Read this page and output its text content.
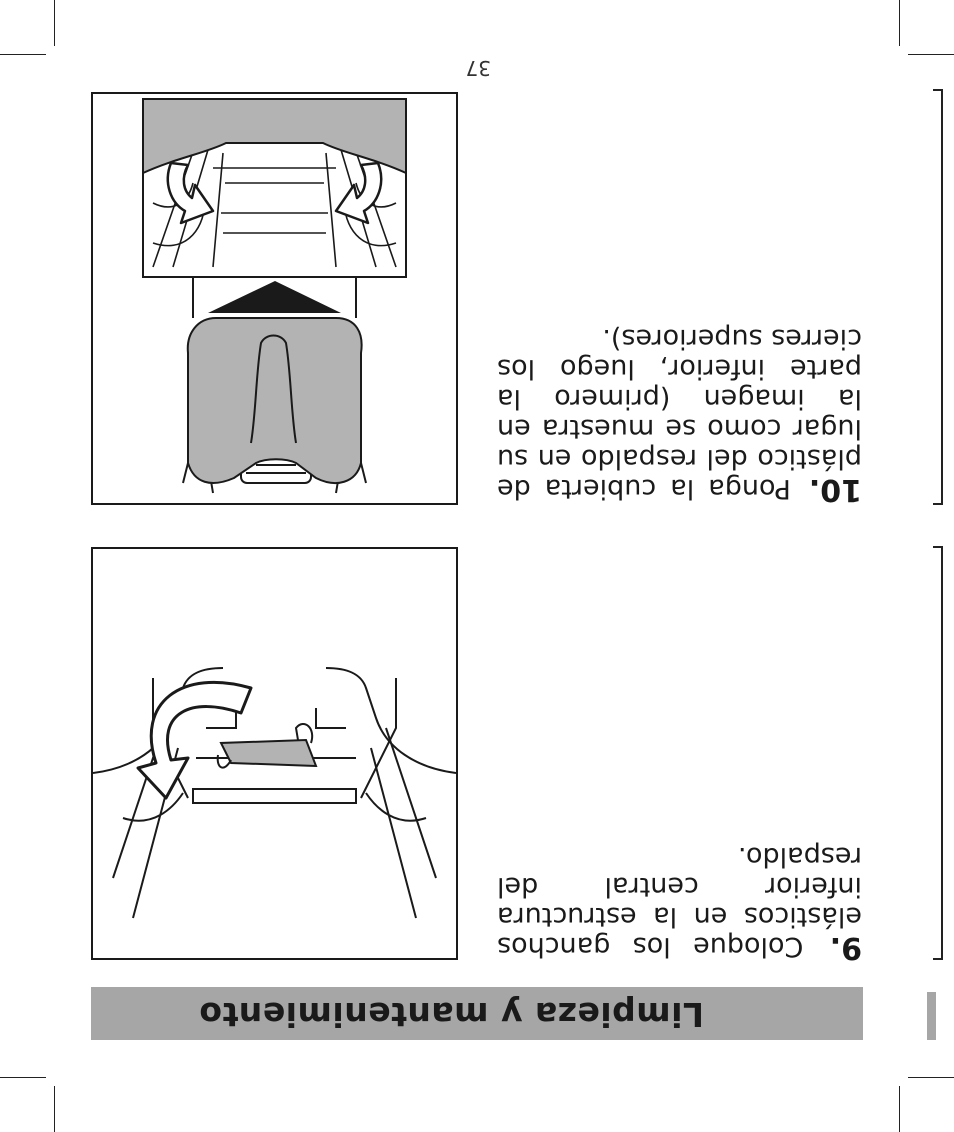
Limpieza y mantenimiento
9. Coloque los ganchos elásticos en la estructura inferior central del respaldo.
10. Ponga la cubierta de plástico del respaldo en su lugar como se muestra en la imagen (primero la parte inferior, luego los cierres superiores).
37
